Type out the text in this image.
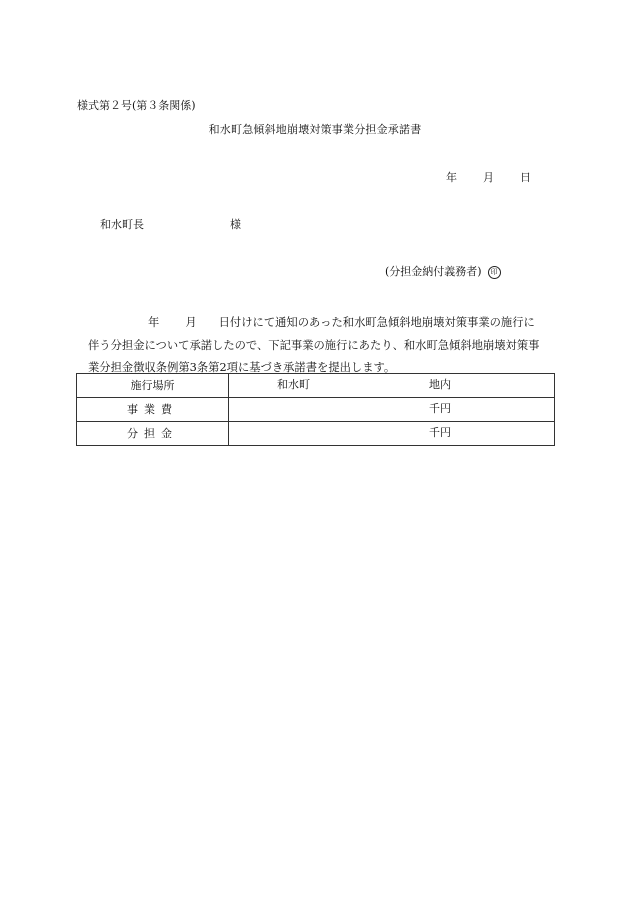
様式第２号(第３条関係)
和水町急傾斜地崩壊対策事業分担金承諾書
年 月 日
和水町長	様
(分担金納付義務者) 印
年 月 日付けにて通知のあった和水町急傾斜地崩壊対策事業の施行に
伴う分担金について承諾したので、下記事業の施行にあたり、和水町急傾斜地崩壊対策事
業分担金徴収条例第3条第2項に基づき承諾書を提出します。
施行場所	和水町 地内

事業費	千円

分担金	千円
